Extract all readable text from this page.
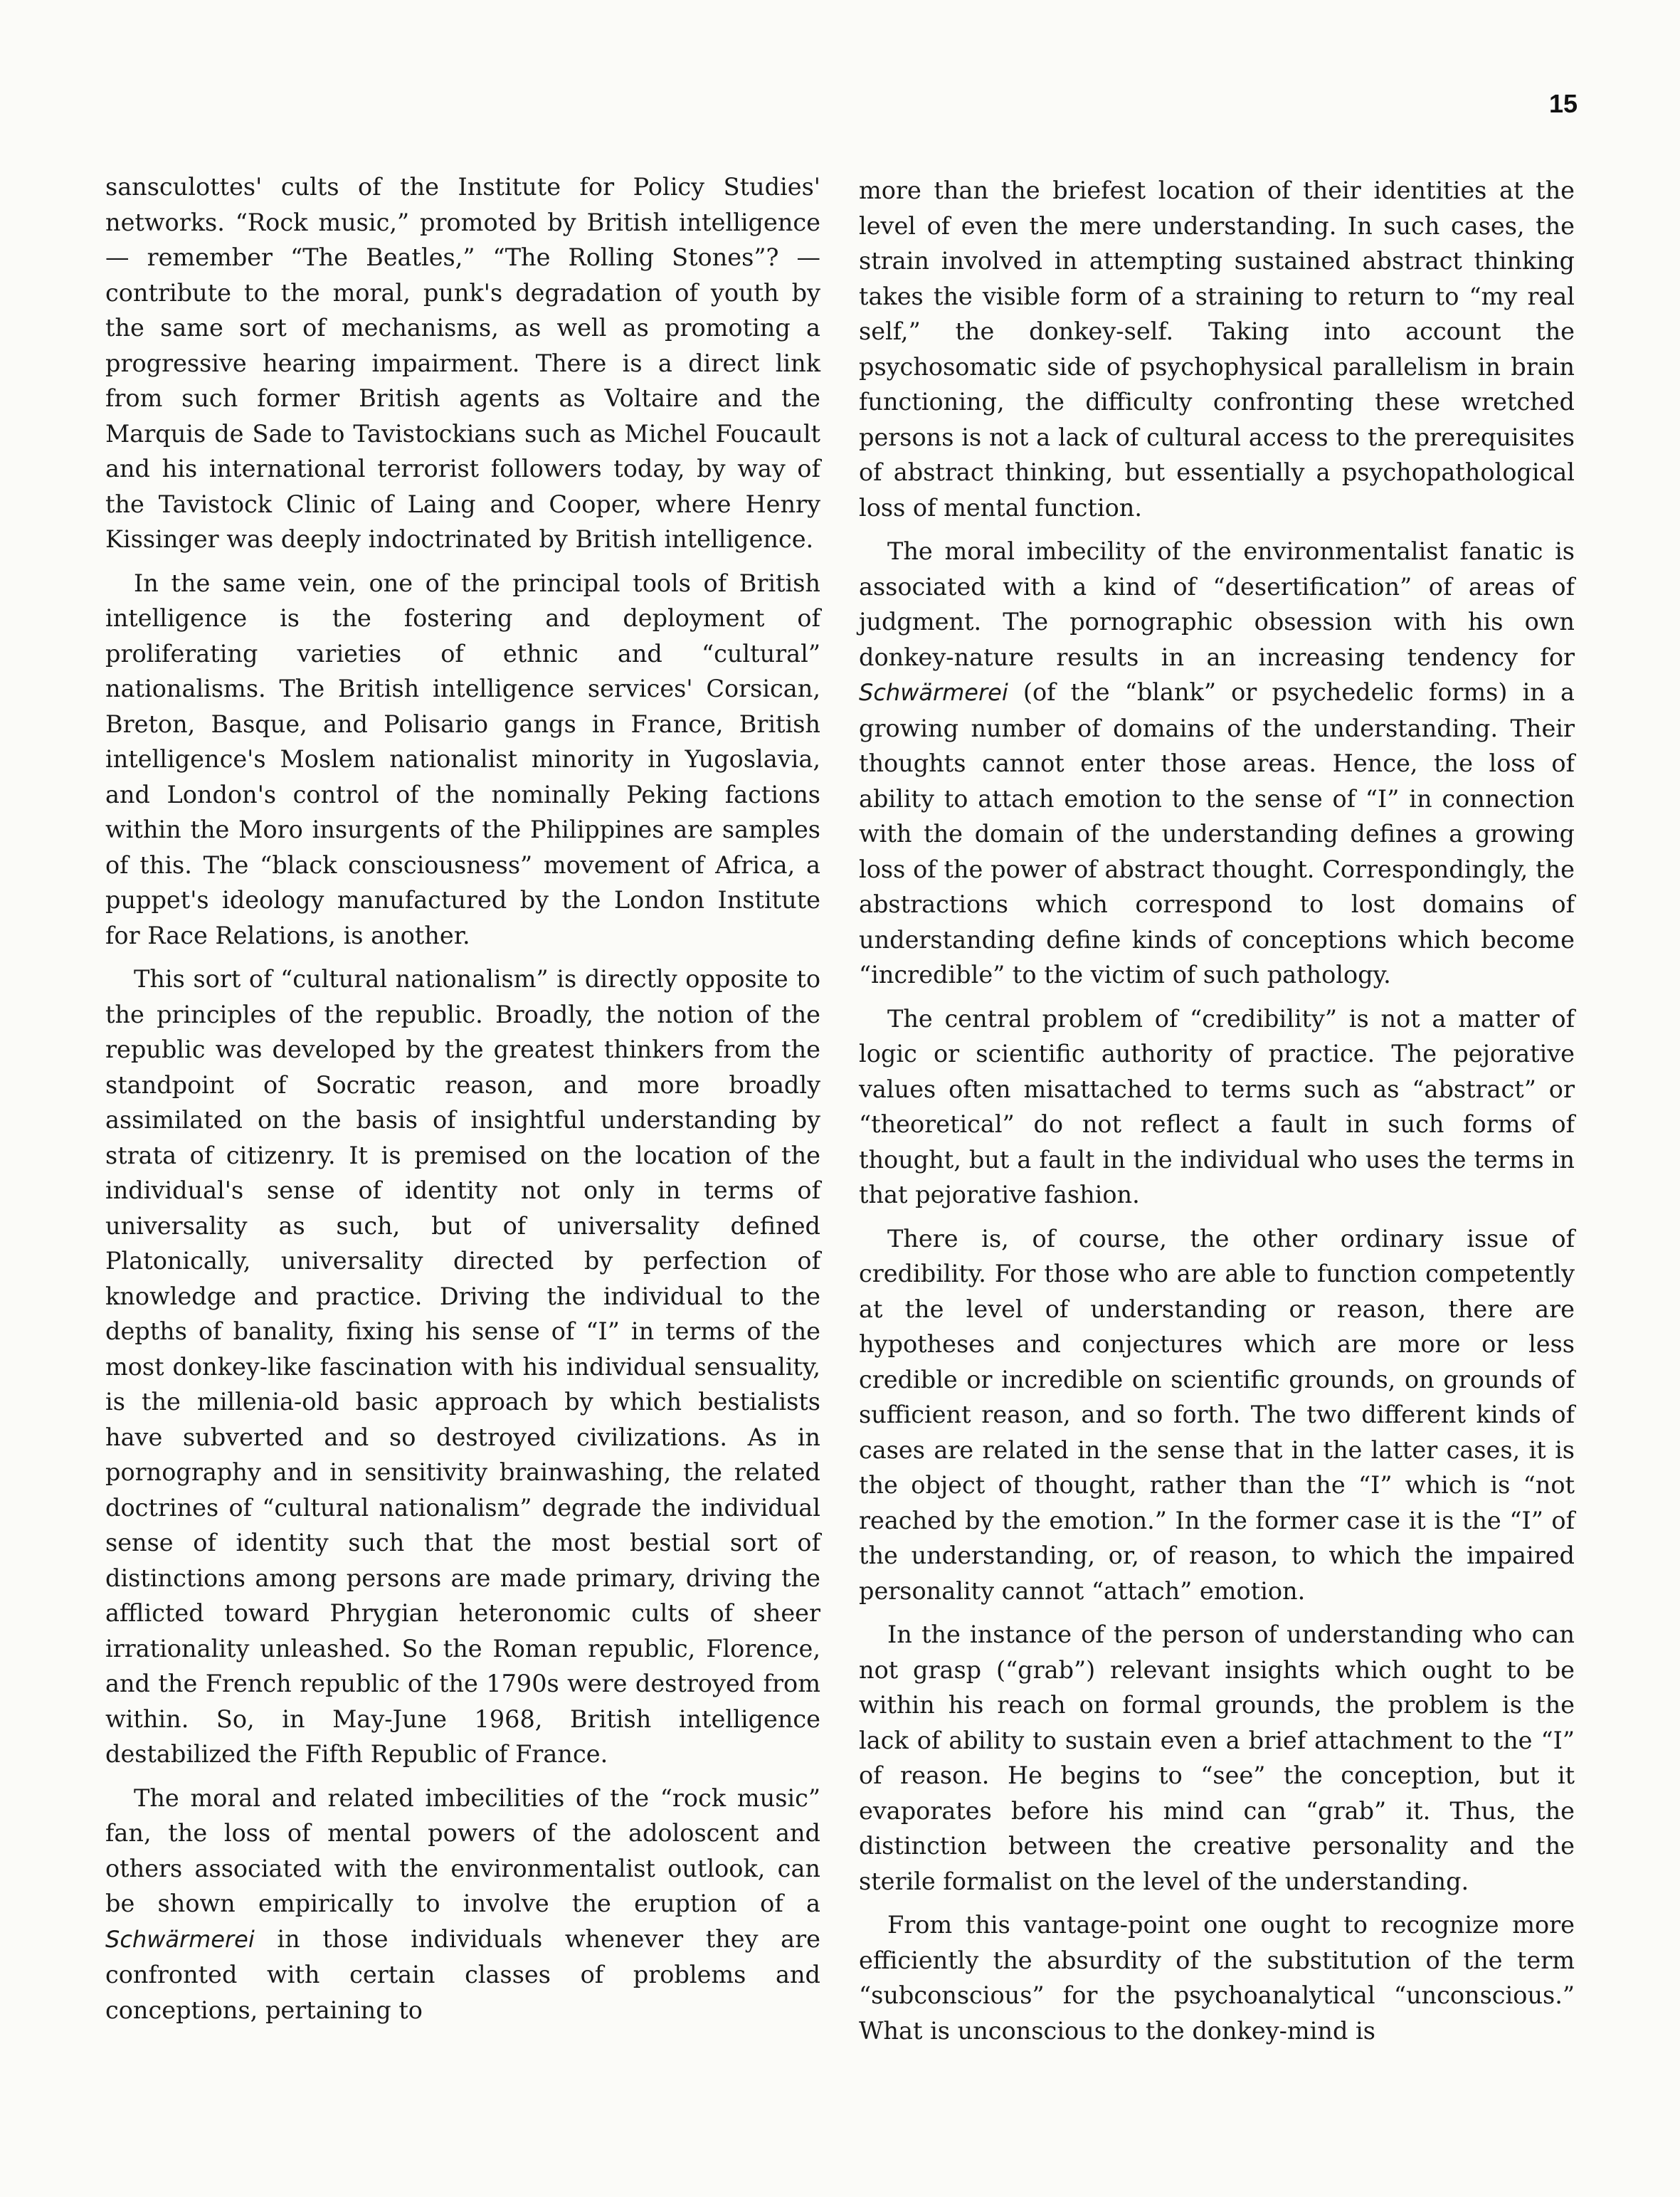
15

sansculottes' cults of the Institute for Policy Studies' networks. “Rock music,” promoted by British intelligence — remember “The Beatles,” “The Rolling Stones”? — contribute to the moral, punk's degradation of youth by the same sort of mechanisms, as well as promoting a progressive hearing impairment. There is a direct link from such former British agents as Voltaire and the Marquis de Sade to Tavistockians such as Michel Foucault and his international terrorist followers today, by way of the Tavistock Clinic of Laing and Cooper, where Henry Kissinger was deeply indoctrinated by British intelligence.

In the same vein, one of the principal tools of British intelligence is the fostering and deployment of proliferating varieties of ethnic and “cultural” nationalisms. The British intelligence services' Corsican, Breton, Basque, and Polisario gangs in France, British intelligence's Moslem nationalist minority in Yugoslavia, and London's control of the nominally Peking factions within the Moro insurgents of the Philippines are samples of this. The “black consciousness” movement of Africa, a puppet's ideology manufactured by the London Institute for Race Relations, is another.

This sort of “cultural nationalism” is directly opposite to the principles of the republic. Broadly, the notion of the republic was developed by the greatest thinkers from the standpoint of Socratic reason, and more broadly assimilated on the basis of insightful understanding by strata of citizenry. It is premised on the location of the individual's sense of identity not only in terms of universality as such, but of universality defined Platonically, universality directed by perfection of knowledge and practice. Driving the individual to the depths of banality, fixing his sense of “I” in terms of the most donkey-like fascination with his individual sensuality, is the millenia-old basic approach by which bestialists have subverted and so destroyed civilizations. As in pornography and in sensitivity brainwashing, the related doctrines of “cultural nationalism” degrade the individual sense of identity such that the most bestial sort of distinctions among persons are made primary, driving the afflicted toward Phrygian heteronomic cults of sheer irrationality unleashed. So the Roman republic, Florence, and the French republic of the 1790s were destroyed from within. So, in May-June 1968, British intelligence destabilized the Fifth Republic of France.

The moral and related imbecilities of the “rock music” fan, the loss of mental powers of the adoloscent and others associated with the environmentalist outlook, can be shown empirically to involve the eruption of a Schwärmerei in those individuals whenever they are confronted with certain classes of problems and conceptions, pertaining to

more than the briefest location of their identities at the level of even the mere understanding. In such cases, the strain involved in attempting sustained abstract thinking takes the visible form of a straining to return to “my real self,” the donkey-self. Taking into account the psychosomatic side of psychophysical parallelism in brain functioning, the difficulty confronting these wretched persons is not a lack of cultural access to the prerequisites of abstract thinking, but essentially a psychopathological loss of mental function.

The moral imbecility of the environmentalist fanatic is associated with a kind of “desertification” of areas of judgment. The pornographic obsession with his own donkey-nature results in an increasing tendency for Schwärmerei (of the “blank” or psychedelic forms) in a growing number of domains of the understanding. Their thoughts cannot enter those areas. Hence, the loss of ability to attach emotion to the sense of “I” in connection with the domain of the understanding defines a growing loss of the power of abstract thought. Correspondingly, the abstractions which correspond to lost domains of understanding define kinds of conceptions which become “incredible” to the victim of such pathology.

The central problem of “credibility” is not a matter of logic or scientific authority of practice. The pejorative values often misattached to terms such as “abstract” or “theoretical” do not reflect a fault in such forms of thought, but a fault in the individual who uses the terms in that pejorative fashion.

There is, of course, the other ordinary issue of credibility. For those who are able to function competently at the level of understanding or reason, there are hypotheses and conjectures which are more or less credible or incredible on scientific grounds, on grounds of sufficient reason, and so forth. The two different kinds of cases are related in the sense that in the latter cases, it is the object of thought, rather than the “I” which is “not reached by the emotion.” In the former case it is the “I” of the understanding, or, of reason, to which the impaired personality cannot “attach” emotion.

In the instance of the person of understanding who can not grasp (“grab”) relevant insights which ought to be within his reach on formal grounds, the problem is the lack of ability to sustain even a brief attachment to the “I” of reason. He begins to “see” the conception, but it evaporates before his mind can “grab” it. Thus, the distinction between the creative personality and the sterile formalist on the level of the understanding.

From this vantage-point one ought to recognize more efficiently the absurdity of the substitution of the term “subconscious” for the psychoanalytical “unconscious.” What is unconscious to the donkey-mind is
